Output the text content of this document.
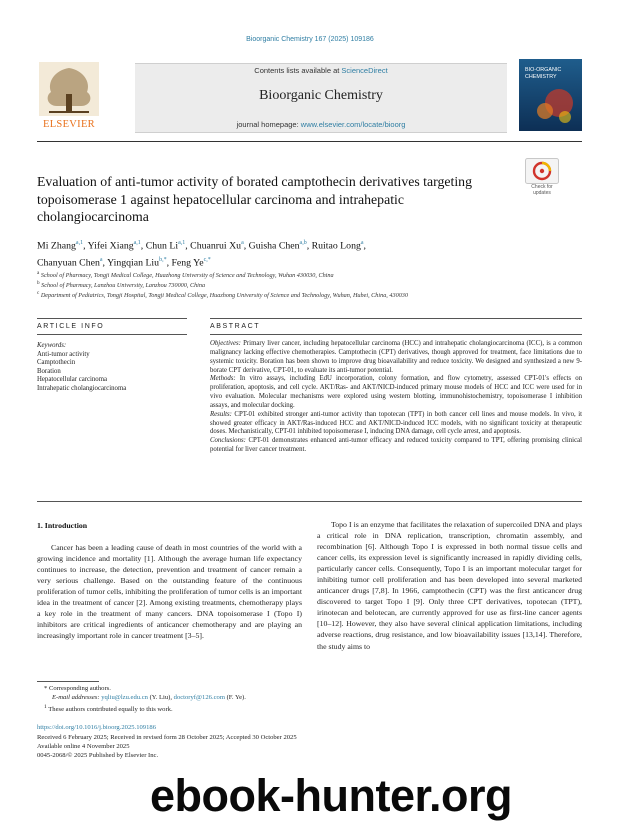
Bioorganic Chemistry 167 (2025) 109186
ELSEVIER
Contents lists available at ScienceDirect
Bioorganic Chemistry
journal homepage: www.elsevier.com/locate/bioorg
BIO-ORGANIC
CHEMISTRY
Evaluation of anti-tumor activity of borated camptothecin derivatives targeting topoisomerase 1 against hepatocellular carcinoma and intrahepatic cholangiocarcinoma
Check for
updates
Mi Zhang$^{a,1}$, Yifei Xiang$^{a,1}$, Chun Li$^{a,1}$, Chuanrui Xu$^a$, Guisha Chen$^{a,b}$, Ruitao Long$^a$,
Chanyuan Chen$^a$, Yingqian Liu$^{b,*}$, Feng $Ye^{c,*}$
$^a$ School of Pharmacy, Tongji Medical College, Huazhong University of Science and Technology, Wuhan 430030, China
$^b$ School of Pharmacy, Lanzhou University, Lanzhou 730000, China
$^c$ Department of Pediatrics, Tongji Hospital, Tongji Medical College, Huazhong University of Science and Technology, Wuhan, Hubei, China, 430030
ARTICLE INFO	ABSTRACT
Keywords:
Anti-tumor activity
Camptothecin
Boration
Hepatocellular carcinoma
Intrahepatic cholangiocarcinoma
Objectives: Primary liver cancer, including hepatocellular carcinoma (HCC) and intrahepatic cholangiocarcinoma (ICC), is a common malignancy lacking effective chemotherapies. Camptothecin (CPT) derivatives, though approved for treatment, face limitations due to systemic toxicity. Boration has been shown to improve drug bioavailability and reduce toxicity. We designed and synthesized a new 9-borate CPT derivative, CPT-01, to evaluate its anti-tumor potential.
Methods: In vitro assays, including EdU incorporation, colony formation, and flow cytometry, assessed CPT-01's effects on proliferation, apoptosis, and cell cycle. AKT/Ras- and AKT/NICD-induced primary mouse models of HCC and ICC were used for in vivo evaluation. Molecular mechanisms were explored using western blotting, immunohistochemistry, topoisomerase I inhibition assays, and molecular docking.
Results: CPT-01 exhibited stronger anti-tumor activity than topotecan (TPT) in both cancer cell lines and mouse models. In vivo, it showed greater efficacy in AKT/Ras-induced HCC and AKT/NICD-induced ICC models, with no significant toxicity at therapeutic doses. Mechanistically, CPT-01 inhibited topoisomerase I, inducing DNA damage, cell cycle arrest, and apoptosis.
Conclusions: CPT-01 demonstrates enhanced anti-tumor efficacy and reduced toxicity compared to TPT, offering promising clinical potential for liver cancer treatment.
1. Introduction
Cancer has been a leading cause of death in most countries of the world with a growing incidence and mortality [1]. Although the average human life expectancy continues to increase, the detection, prevention and treatment of cancer remain a very serious challenge. Based on the outstanding feature of the continuous proliferation of tumor cells, inhibiting the proliferation of tumor cells is an important idea in the treatment of cancer [2]. Among existing treatments, chemotherapy plays a key role in the treatment of many cancers. DNA topoisomerase I (Topo I) inhibitors are critical ingredients of anticancer chemotherapy and are playing an increasingly important role in cancer treatment [3–5].
Topo I is an enzyme that facilitates the relaxation of supercoiled DNA and plays a critical role in DNA replication, transcription, chromatin assembly, and recombination [6]. Although Topo I is expressed in both normal tissue cells and cancer cells, its expression level is significantly increased in rapidly dividing cells, particularly cancer cells. Consequently, Topo I is an important molecular target for inhibiting tumor cell proliferation and has been developed into several marketed anticancer drugs [7,8]. In 1966, camptothecin (CPT) was the first anticancer drug discovered to target Topo I [9]. Only three CPT derivatives, topotecan (TPT), irinotecan and belotecan, are currently approved for use as first-line cancer agents [10–12]. However, they also have several clinical application limitations, including adverse reactions, drug resistance, and low bioavailability issues [13,14]. Therefore, the study aims to
* Corresponding authors.
E-mail addresses: yqliu@lzu.edu.cn (Y. Liu), doctoryf@126.com (F. Ye).
$^1$ These authors contributed equally to this work.
https://doi.org/10.1016/j.bioorg.2025.109186
Received 6 February 2025; Received in revised form 28 October 2025; Accepted 30 October 2025
Available online 4 November 2025
0045-2068/© 2025 Published by Elsevier Inc.
ebook-hunter.org
